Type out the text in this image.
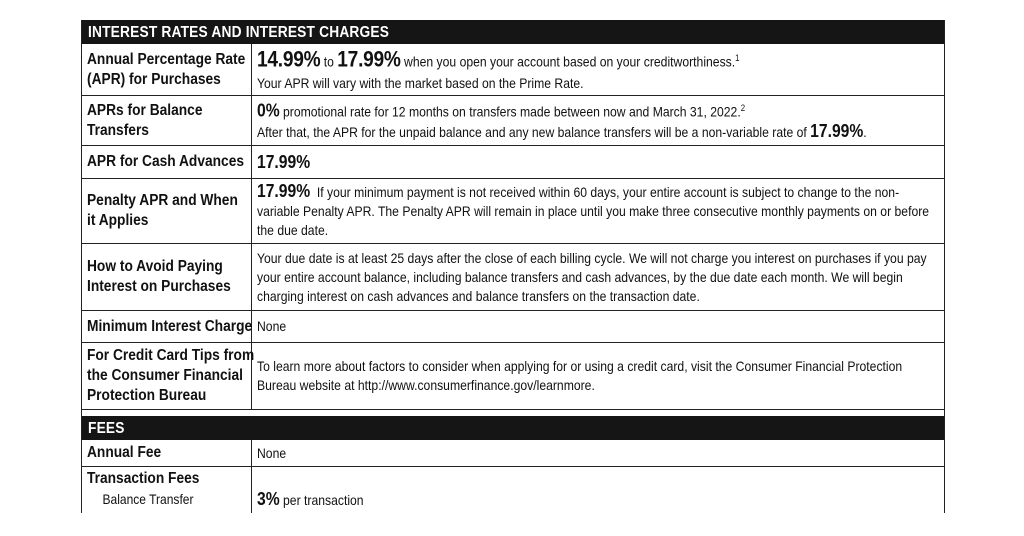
INTEREST RATES AND INTEREST CHARGES
Annual Percentage Rate
(APR) for Purchases
14.99% to 17.99% when you open your account based on your creditworthiness.$^1$
Your APR will vary with the market based on the Prime Rate.
APRs for Balance
Transfers
0% promotional rate for 12 months on transfers made between now and March 31, 2022.$^2$
After that, the APR for the unpaid balance and any new balance transfers will be a non-variable rate of 17.99%.
APR for Cash Advances 17.99%
Penalty APR and When
it Applies
17.99% If your minimum payment is not received within 60 days, your entire account is subject to change to the non-variable Penalty APR. The Penalty APR will remain in place until you make three consecutive monthly payments on or before the due date.
How to Avoid Paying
Interest on Purchases
Your due date is at least 25 days after the close of each billing cycle. We will not charge you interest on purchases if you pay your entire account balance, including balance transfers and cash advances, by the due date each month. We will begin charging interest on cash advances and balance transfers on the transaction date.
Minimum Interest Charge None
For Credit Card Tips from
the Consumer Financial
Protection Bureau
To learn more about factors to consider when applying for or using a credit card, visit the Consumer Financial Protection Bureau website at http://www.consumerfinance.gov/learnmore.
FEES
Annual Fee	None
Transaction Fees
Balance Transfer	3% per transaction
